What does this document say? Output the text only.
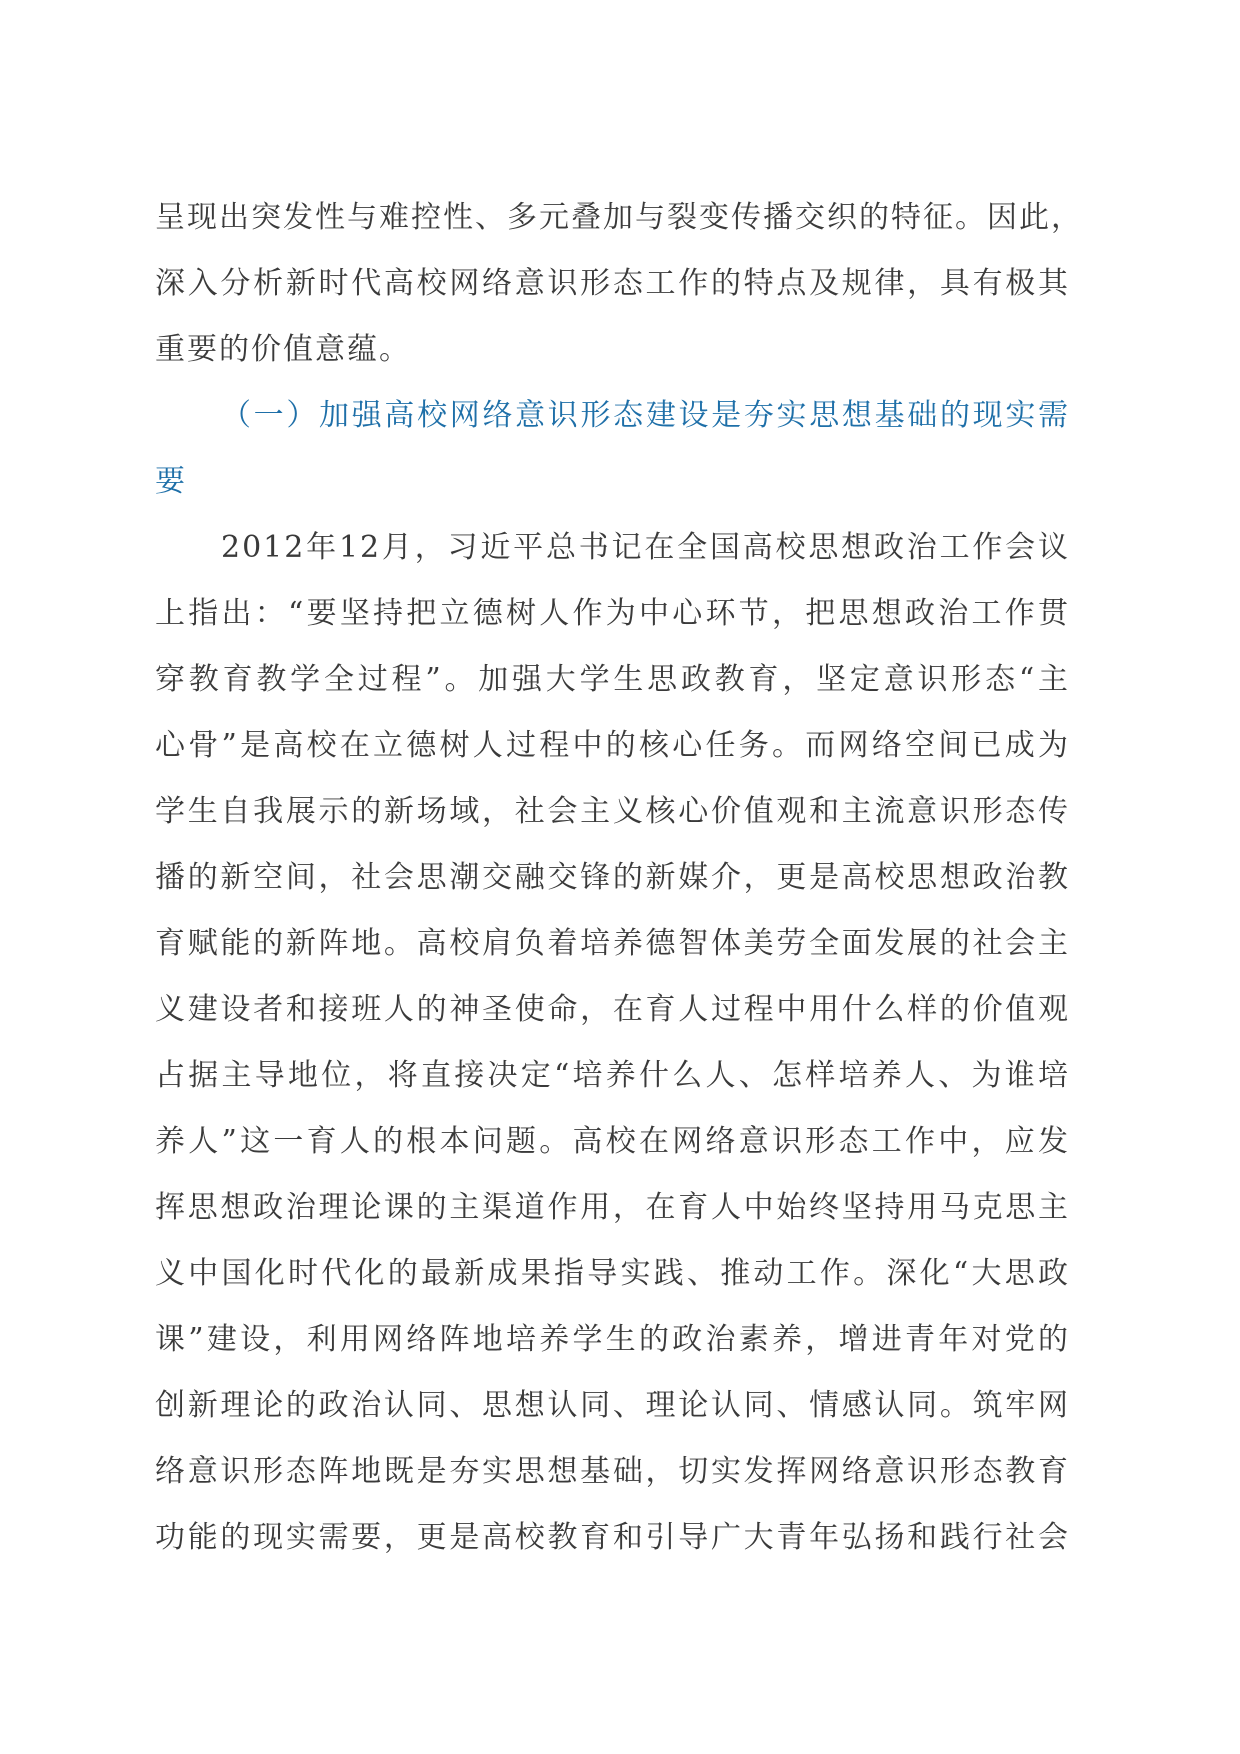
呈现出突发性与难控性、多元叠加与裂变传播交织的特征。因此，
深入分析新时代高校网络意识形态工作的特点及规律，具有极其
重要的价值意蕴。
（一）加强高校网络意识形态建设是夯实思想基础的现实需
要
2012年12月，习近平总书记在全国高校思想政治工作会议
上指出：“要坚持把立德树人作为中心环节，把思想政治工作贯
穿教育教学全过程”。加强大学生思政教育，坚定意识形态“主
心骨”是高校在立德树人过程中的核心任务。而网络空间已成为
学生自我展示的新场域，社会主义核心价值观和主流意识形态传
播的新空间，社会思潮交融交锋的新媒介，更是高校思想政治教
育赋能的新阵地。高校肩负着培养德智体美劳全面发展的社会主
义建设者和接班人的神圣使命，在育人过程中用什么样的价值观
占据主导地位，将直接决定“培养什么人、怎样培养人、为谁培
养人”这一育人的根本问题。高校在网络意识形态工作中，应发
挥思想政治理论课的主渠道作用，在育人中始终坚持用马克思主
义中国化时代化的最新成果指导实践、推动工作。深化“大思政
课”建设，利用网络阵地培养学生的政治素养，增进青年对党的
创新理论的政治认同、思想认同、理论认同、情感认同。筑牢网
络意识形态阵地既是夯实思想基础，切实发挥网络意识形态教育
功能的现实需要，更是高校教育和引导广大青年弘扬和践行社会
